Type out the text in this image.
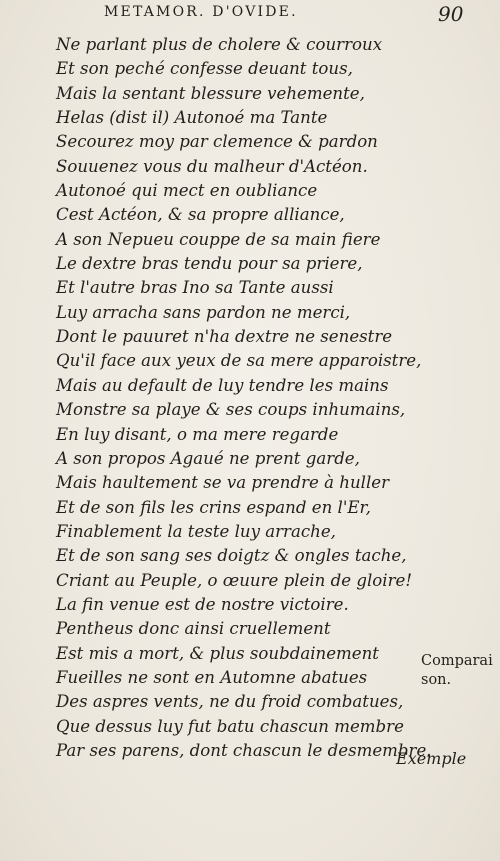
METAMOR. D'OVIDE.	90
Ne parlant plus de cholere & courroux
Et son peché confesse deuant tous,
Mais la sentant blessure vehemente,
Helas (dist il) Autonoé ma Tante
Secourez moy par clemence & pardon
Souuenez vous du malheur d'Actéon.
Autonoé qui mect en oubliance
Cest Actéon, & sa propre alliance,
A son Nepueu couppe de sa main fiere
Le dextre bras tendu pour sa priere,
Et l'autre bras Ino sa Tante aussi
Luy arracha sans pardon ne merci,
Dont le pauuret n'ha dextre ne senestre
Qu'il face aux yeux de sa mere apparoistre,
Mais au default de luy tendre les mains
Monstre sa playe & ses coups inhumains,
En luy disant, o ma mere regarde
A son propos Agaué ne prent garde,
Mais haultement se va prendre à huller
Et de son fils les crins espand en l'Er,
Finablement la teste luy arrache,
Et de son sang ses doigtz & ongles tache,
Criant au Peuple, o œuure plein de gloire!
La fin venue est de nostre victoire.
Pentheus donc ainsi cruellement
Est mis a mort, & plus soubdainement
Fueilles ne sont en Automne abatues
Des aspres vents, ne du froid combatues,
Que dessus luy fut batu chascun membre
Par ses parens, dont chascun le desmembre.
Comparai
son.
Exemple
